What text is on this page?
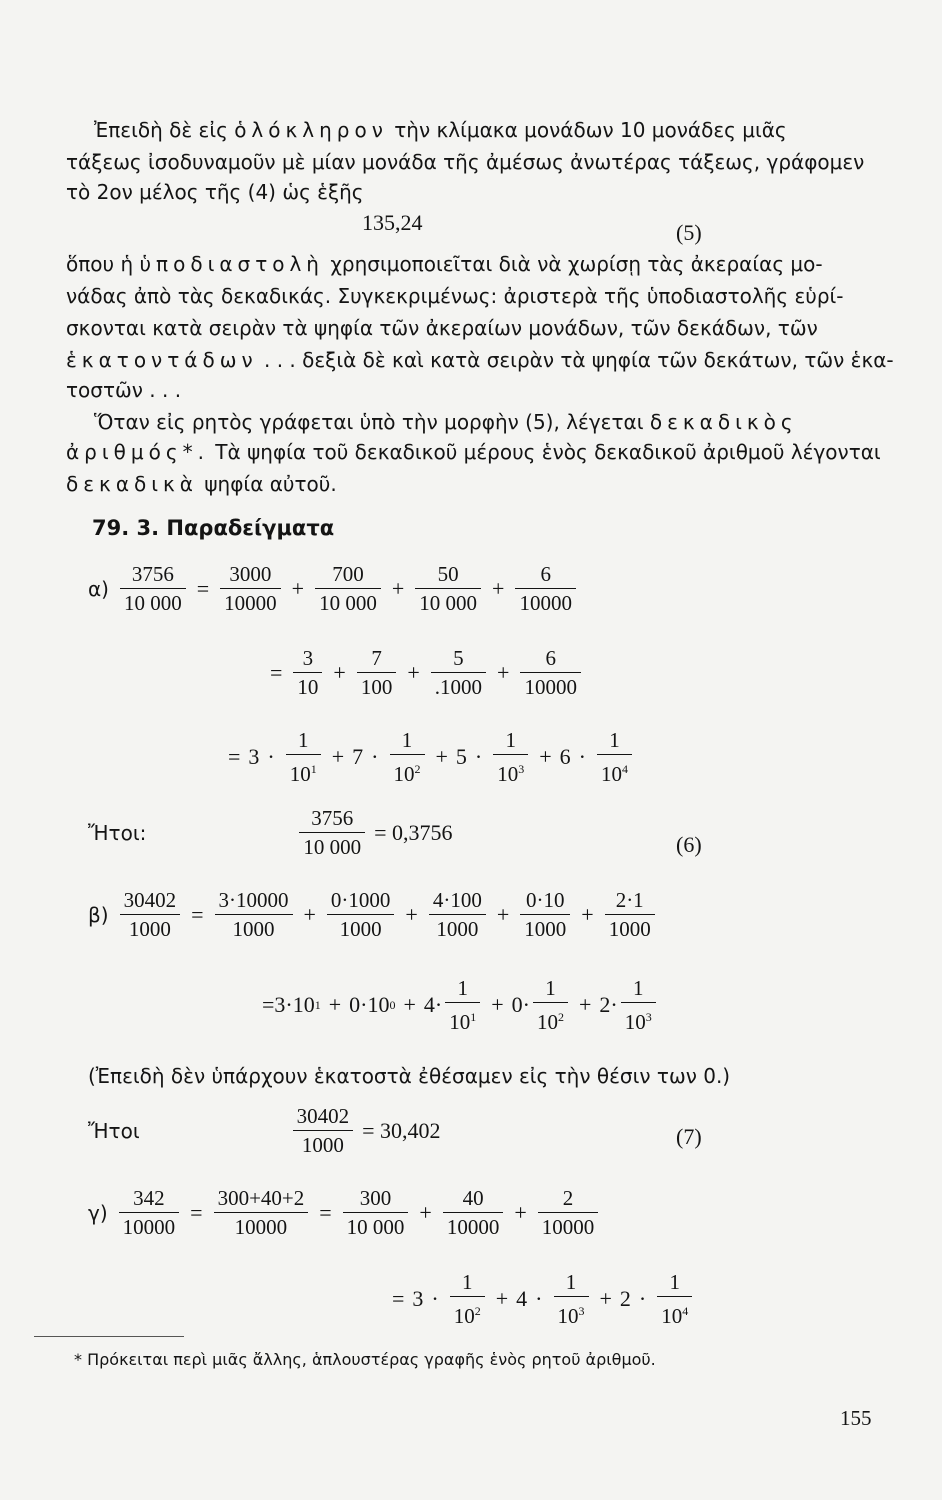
Ἐπειδὴ δὲ εἰς ὁλόκληρον τὴν κλίμακα μονάδων 10 μονάδες μιᾶς
τάξεως ἰσοδυναμοῦν μὲ μίαν μονάδα τῆς ἀμέσως ἀνωτέρας τάξεως, γράφομεν
τὸ 2ον μέλος τῆς (4) ὡς ἑξῆς
135,24	(5)
ὅπου ἡ ὑποδιαστολὴ χρησιμοποιεῖται διὰ νὰ χωρίσῃ τὰς ἀκεραίας μο-
νάδας ἀπὸ τὰς δεκαδικάς. Συγκεκριμένως: ἀριστερὰ τῆς ὑποδιαστολῆς εὑρί-
σκονται κατὰ σειρὰν τὰ ψηφία τῶν ἀκεραίων μονάδων, τῶν δεκάδων, τῶν
ἑκατοντάδων . . . δεξιὰ δὲ καὶ κατὰ σειρὰν τὰ ψηφία τῶν δεκάτων, τῶν ἑκα-
τοστῶν . . .
Ὅταν εἰς ρητὸς γράφεται ὑπὸ τὴν μορφὴν (5), λέγεται δεκαδικὸς
ἀριθμός*. Τὰ ψηφία τοῦ δεκαδικοῦ μέρους ἑνὸς δεκαδικοῦ ἀριθμοῦ λέγονται
δεκαδικὰ ψηφία αὐτοῦ.
79. 3. Παραδείγματα
$\alpha) \frac{3756}{10 000} = \frac{3000}{10000} + \frac{700}{10 000} + \frac{50}{10 000} + \frac{6}{10000}$
= $\frac{3}{10} + \frac{7}{100} + \frac{5}{.1000} + \frac{6}{10000}$
= $3 \cdot \frac{1}{10^1} + 7 \cdot \frac{1}{10^2} + 5 \cdot \frac{1}{10^3} + 6 \cdot \frac{1}{10^4}$
Ἤτοι:	$\frac{3756}{10 000} = 0,3756$	(6)
$\beta) \frac{30402}{1000} = \frac{3\cdot 10000}{1000} + \frac{0\cdot 1000}{1000} + \frac{4\cdot 100}{1000} + \frac{0\cdot 10}{1000} + \frac{2\cdot 1}{1000}$
=3·10 1 + 0·10 $0 + 4\cdot \frac{1}{10^1} + 0\cdot \frac{1}{10^2} + 2\cdot \frac{1}{10^3}$
(Ἐπειδὴ δὲν ὑπάρχουν ἑκατοστὰ ἐθέσαμεν εἰς τὴν θέσιν των 0.)
Ἤτοι	$\frac{30402}{1000} = 30,402$	(7)
$\gamma) \frac{342}{10000} = \frac{300+40+2}{10000} = \frac{300}{10 000} + \frac{40}{10000} + \frac{2}{10000}$
= $3 \cdot \frac{1}{10^2} + 4 \cdot \frac{1}{10^3} + 2 \cdot \frac{1}{10^4}$
* Πρόκειται περὶ μιᾶς ἄλλης, ἁπλουστέρας γραφῆς ἑνὸς ρητοῦ ἀριθμοῦ.
155
